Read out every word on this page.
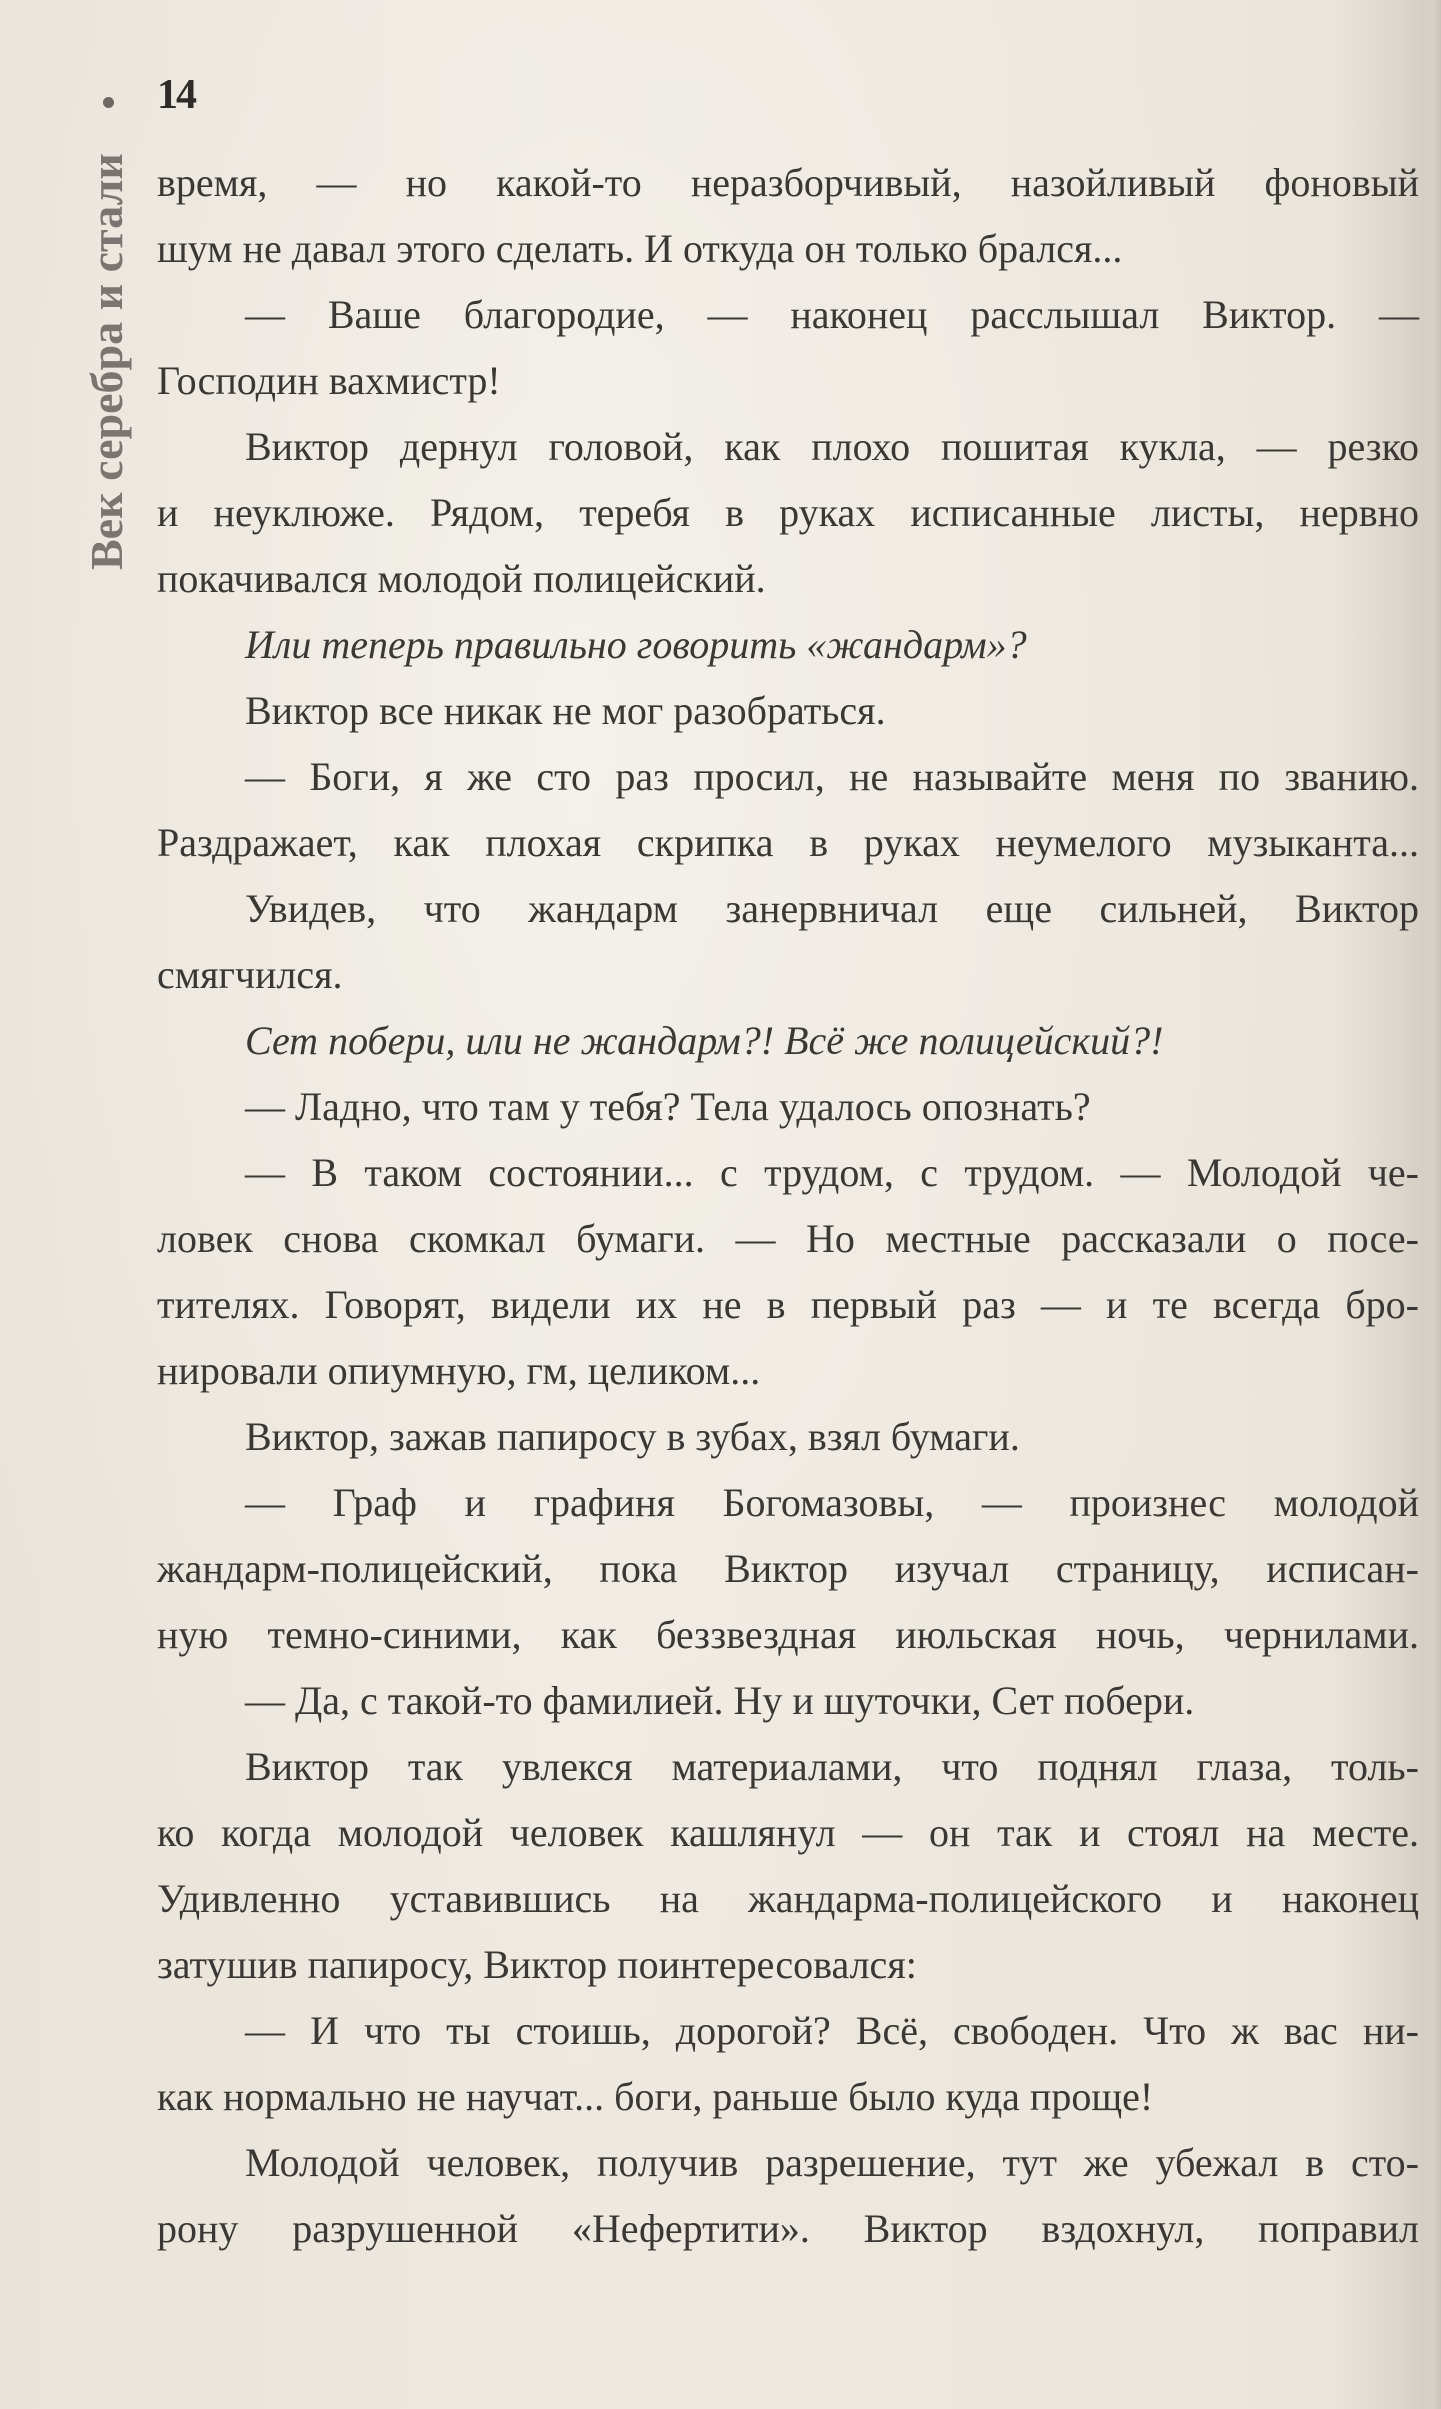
Век серебра и стали
14
время, — но какой-то неразборчивый, назойливый фоновый
шум не давал этого сделать. И откуда он только брался...
— Ваше благородие, — наконец расслышал Виктор. —
Господин вахмистр!
Виктор дернул головой, как плохо пошитая кукла, — резко
и неуклюже. Рядом, теребя в руках исписанные листы, нервно
покачивался молодой полицейский.
Или теперь правильно говорить «жандарм»?
Виктор все никак не мог разобраться.
— Боги, я же сто раз просил, не называйте меня по званию.
Раздражает, как плохая скрипка в руках неумелого музыканта...
Увидев, что жандарм занервничал еще сильней, Виктор
смягчился.
Сет побери, или не жандарм?! Всё же полицейский?!
— Ладно, что там у тебя? Тела удалось опознать?
— В таком состоянии... с трудом, с трудом. — Молодой че-
ловек снова скомкал бумаги. — Но местные рассказали о посе-
тителях. Говорят, видели их не в первый раз — и те всегда бро-
нировали опиумную, гм, целиком...
Виктор, зажав папиросу в зубах, взял бумаги.
— Граф и графиня Богомазовы, — произнес молодой
жандарм-полицейский, пока Виктор изучал страницу, исписан-
ную темно-синими, как беззвездная июльская ночь, чернилами.
— Да, с такой-то фамилией. Ну и шуточки, Сет побери.
Виктор так увлекся материалами, что поднял глаза, толь-
ко когда молодой человек кашлянул — он так и стоял на месте.
Удивленно уставившись на жандарма-полицейского и наконец
затушив папиросу, Виктор поинтересовался:
— И что ты стоишь, дорогой? Всё, свободен. Что ж вас ни-
как нормально не научат... боги, раньше было куда проще!
Молодой человек, получив разрешение, тут же убежал в сто-
рону разрушенной «Нефертити». Виктор вздохнул, поправил
